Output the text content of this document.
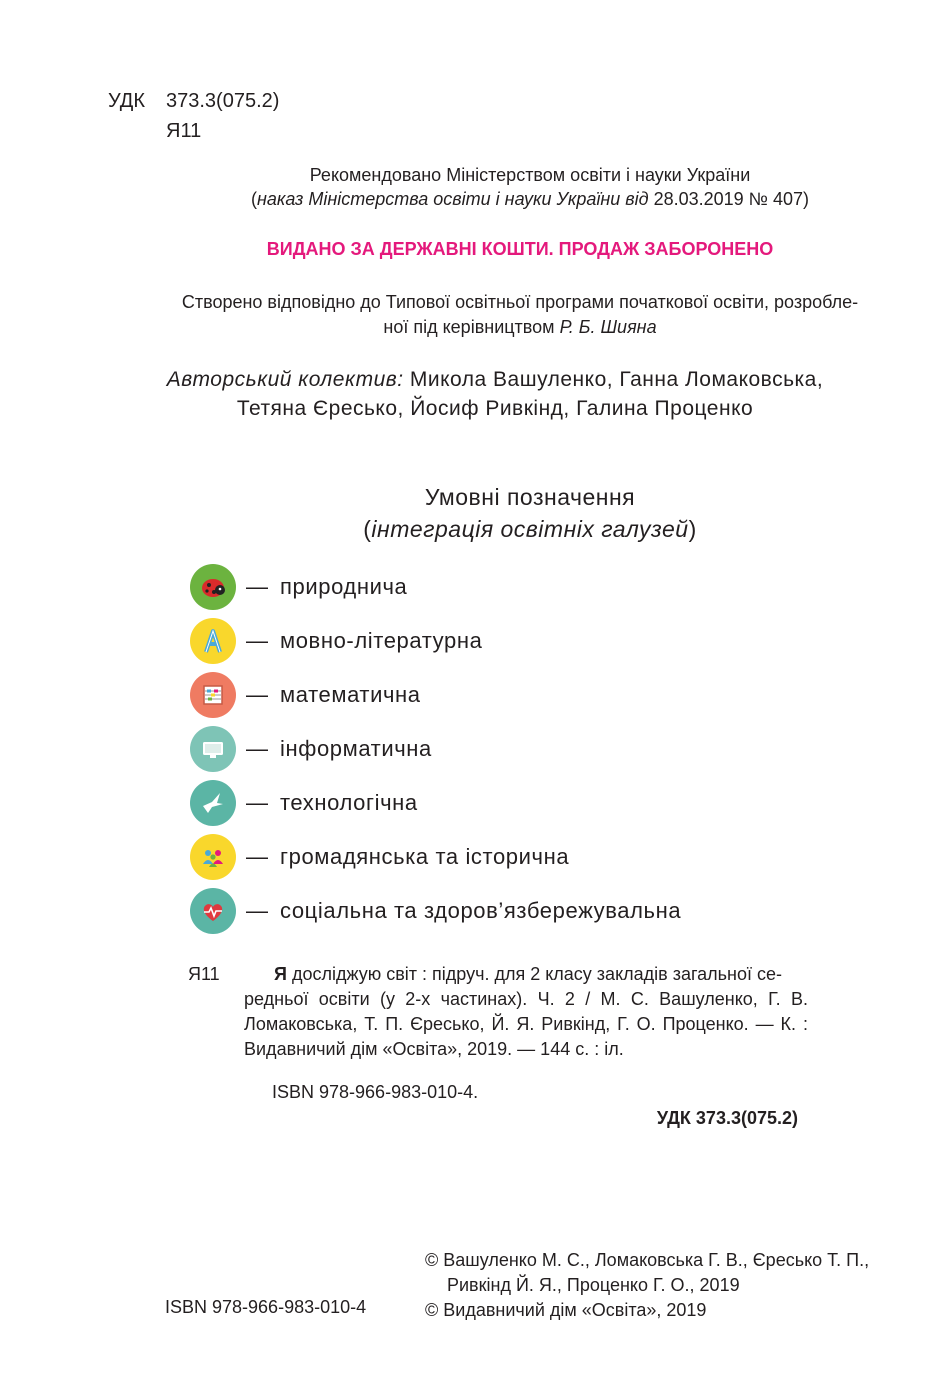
УДК	373.3(075.2)
Я11
Рекомендовано Міністерством освіти і науки України
(наказ Міністерства освіти і науки України від 28.03.2019 № 407)
ВИДАНО ЗА ДЕРЖАВНІ КОШТИ. ПРОДАЖ ЗАБОРОНЕНО
Створено відповідно до Типової освітньої програми початкової освіти, розробле-
ної під керівництвом Р. Б. Шияна
Авторський колектив: Микола Вашуленко, Ганна Ломаковська,
Тетяна Єресько, Йосиф Ривкінд, Галина Проценко
Умовні позначення
(інтеграція освітніх галузей)
— природнича
— мовно-літературна
— математична
— інформатична
— технологічна
— громадянська та історична
— соціальна та здоров’язбережувальна
Я11	Я досліджую світ : підруч. для 2 класу закладів загальної се-редньої освіти (у 2-х частинах). Ч. 2 / М. С. Вашуленко, Г. В. Ломаковська, Т. П. Єресько, Й. Я. Ривкінд, Г. О. Проценко. — К. : Видавничий дім «Освіта», 2019. — 144 с. : іл.
ISBN 978-966-983-010-4.
УДК 373.3(075.2)
© Вашуленко М. С., Ломаковська Г. В., Єресько Т. П.,
Ривкінд Й. Я., Проценко Г. О., 2019
© Видавничий дім «Освіта», 2019
ISBN 978-966-983-010-4
